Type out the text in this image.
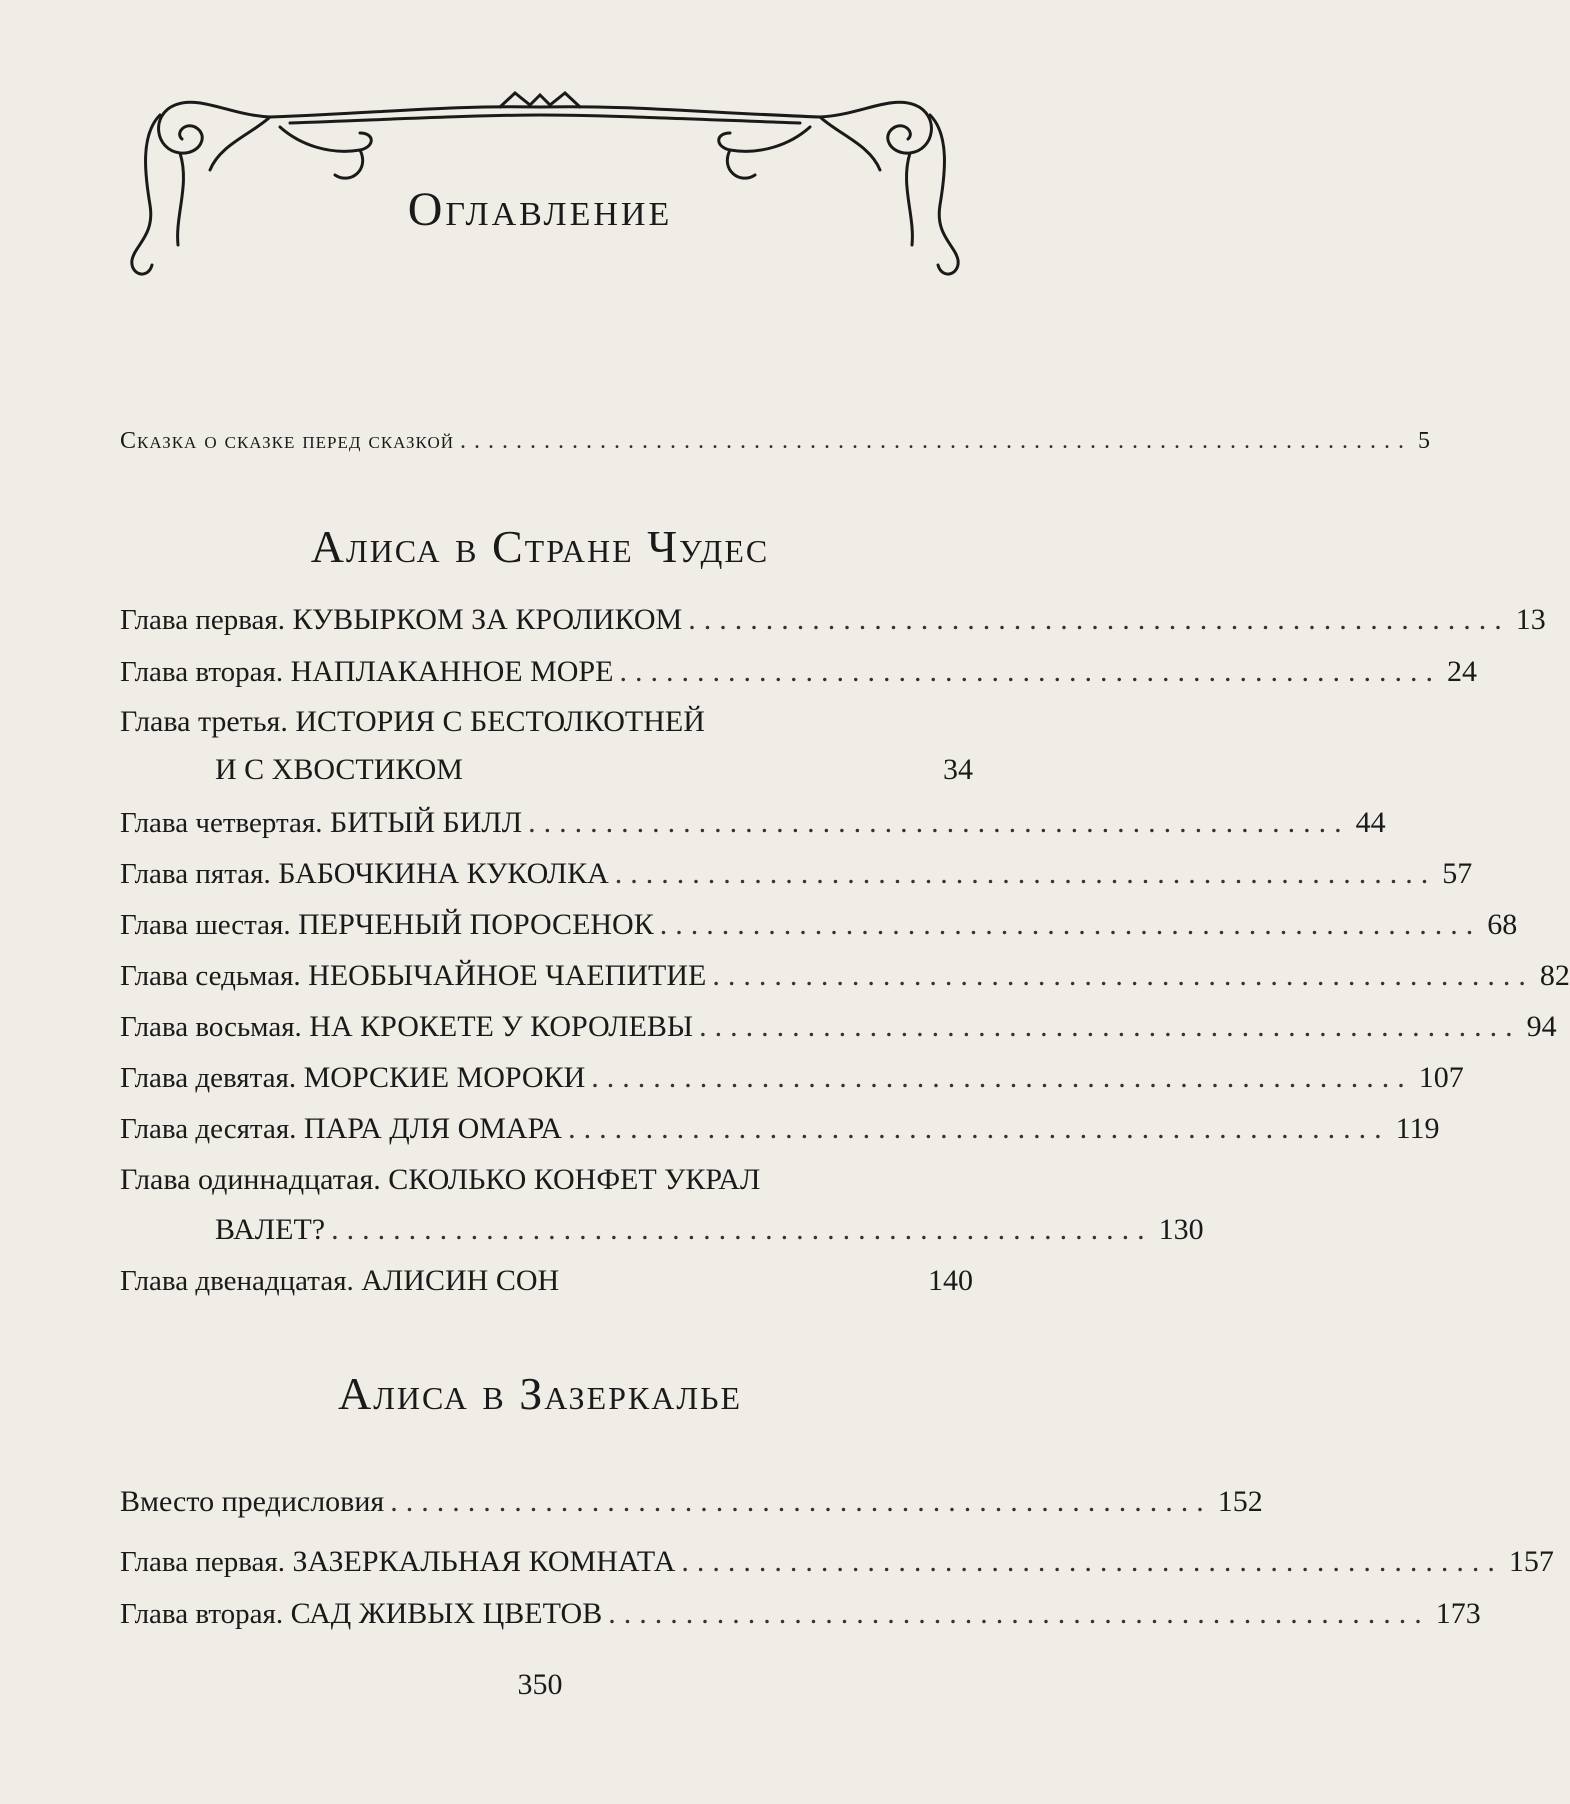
Оглавление
Сказка о сказке перед сказкой .................................................................... 5
Алиса в Стране Чудес
Глава первая. КУВЫРКОМ ЗА КРОЛИКОМ ..................................................... 13
Глава вторая. НАПЛАКАННОЕ МОРЕ ..................................................... 24
Глава третья. ИСТОРИЯ С БЕСТОЛКОТНЕЙ
И С ХВОСТИКОМ	34
Глава четвертая. БИТЫЙ БИЛЛ ..................................................... 44
Глава пятая. БАБОЧКИНА КУКОЛКА ..................................................... 57
Глава шестая. ПЕРЧЕНЫЙ ПОРОСЕНОК ..................................................... 68
Глава седьмая. НЕОБЫЧАЙНОЕ ЧАЕПИТИЕ ..................................................... 82
Глава восьмая. НА КРОКЕТЕ У КОРОЛЕВЫ ..................................................... 94
Глава девятая. МОРСКИЕ МОРОКИ ..................................................... 107
Глава десятая. ПАРА ДЛЯ ОМАРА ..................................................... 119
Глава одиннадцатая. СКОЛЬКО КОНФЕТ УКРАЛ
ВАЛЕТ? ..................................................... 130
Глава двенадцатая. АЛИСИН СОН	140
Алиса в Зазеркалье
Вместо предисловия ..................................................... 152
Глава первая. ЗАЗЕРКАЛЬНАЯ КОМНАТА ..................................................... 157
Глава вторая. САД ЖИВЫХ ЦВЕТОВ ..................................................... 173
350
